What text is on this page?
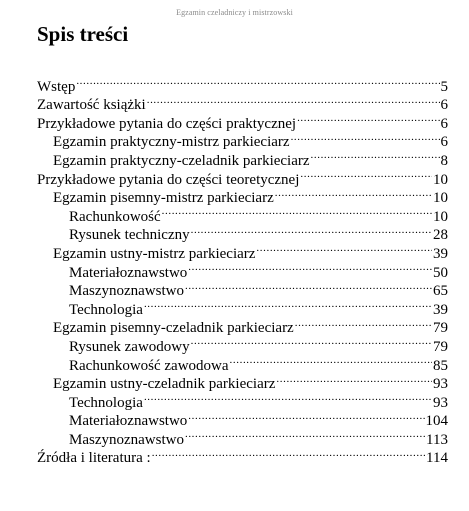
Egzamin czeladniczy i mistrzowski
Spis treści
Wstęp .....	5
Zawartość książki .....	6
Przykładowe pytania do części praktycznej .....	6
Egzamin praktyczny-mistrz parkieciarz .....	6
Egzamin praktyczny-czeladnik parkieciarz .....	8
Przykładowe pytania do części teoretycznej .....	10
Egzamin pisemny-mistrz parkieciarz .....	10
Rachunkowość .....	10
Rysunek techniczny .....	28
Egzamin ustny-mistrz parkieciarz .....	39
Materiałoznawstwo .....	50
Maszynoznawstwo .....	65
Technologia .....	39
Egzamin pisemny-czeladnik parkieciarz .....	79
Rysunek zawodowy .....	79
Rachunkowość zawodowa .....	85
Egzamin ustny-czeladnik parkieciarz .....	93
Technologia .....	93
Materiałoznawstwo .....	104
Maszynoznawstwo .....	113
Źródła i literatura : .....	114
